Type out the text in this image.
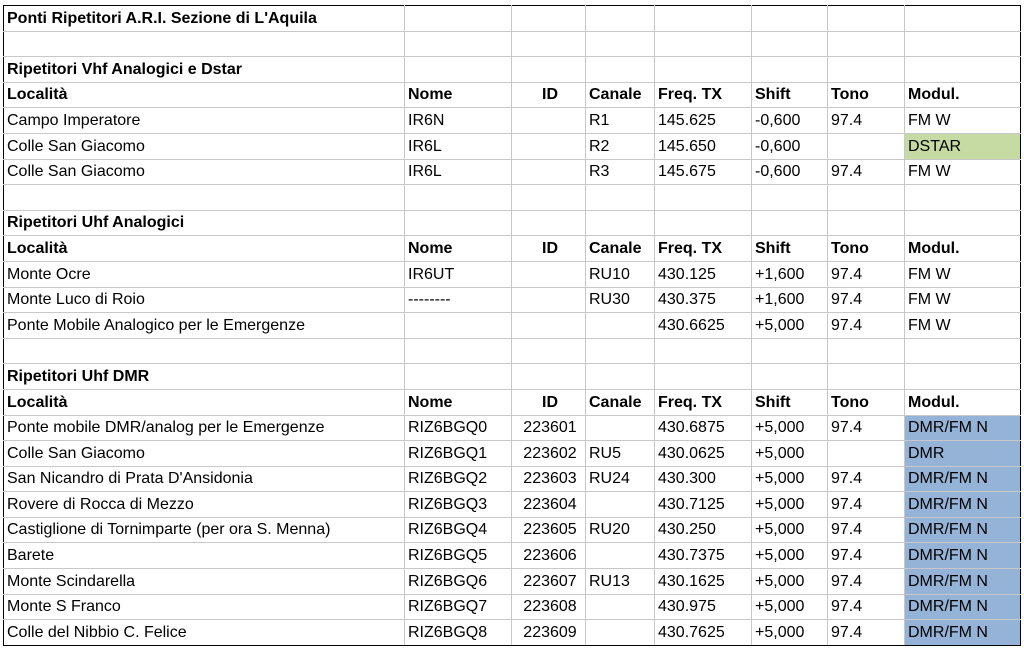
Ponti Ripetitori A.R.I. Sezione di L'Aquila							

Ripetitori Vhf Analogici e Dstar							
Località	Nome	ID	Canale	Freq. TX	Shift	Tono	Modul.
Campo Imperatore	IR6N		R1	145.625	-0,600	97.4	FM W
Colle San Giacomo	IR6L		R2	145.650	-0,600		DSTAR
Colle San Giacomo	IR6L		R3	145.675	-0,600	97.4	FM W

Ripetitori Uhf Analogici							
Località	Nome	ID	Canale	Freq. TX	Shift	Tono	Modul.
Monte Ocre	IR6UT		RU10	430.125	+1,600	97.4	FM W
Monte Luco di Roio	--------		RU30	430.375	+1,600	97.4	FM W
Ponte Mobile Analogico per le Emergenze				430.6625	+5,000	97.4	FM W

Ripetitori Uhf DMR							
Località	Nome	ID	Canale	Freq. TX	Shift	Tono	Modul.
Ponte mobile DMR/analog per le Emergenze	RIZ6BGQ0	223601		430.6875	+5,000	97.4	DMR/FM N
Colle San Giacomo	RIZ6BGQ1	223602	RU5	430.0625	+5,000		DMR
San Nicandro di Prata D'Ansidonia	RIZ6BGQ2	223603	RU24	430.300	+5,000	97.4	DMR/FM N
Rovere di Rocca di Mezzo	RIZ6BGQ3	223604		430.7125	+5,000	97.4	DMR/FM N
Castiglione di Tornimparte (per ora S. Menna)	RIZ6BGQ4	223605	RU20	430.250	+5,000	97.4	DMR/FM N
Barete	RIZ6BGQ5	223606		430.7375	+5,000	97.4	DMR/FM N
Monte Scindarella	RIZ6BGQ6	223607	RU13	430.1625	+5,000	97.4	DMR/FM N
Monte S Franco	RIZ6BGQ7	223608		430.975	+5,000	97.4	DMR/FM N
Colle del Nibbio C. Felice	RIZ6BGQ8	223609		430.7625	+5,000	97.4	DMR/FM N
